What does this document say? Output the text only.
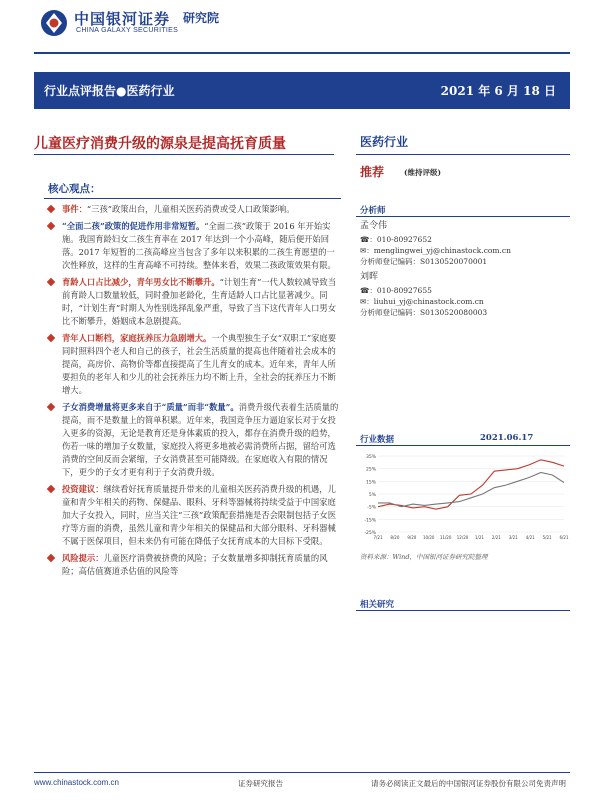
中国银河证券
CHINA GALAXY SECURITIES
研究院
行业点评报告●医药行业	2021 年 6 月 18 日
儿童医疗消费升级的源泉是提高抚育质量
核心观点：
事件：“三孩”政策出台，儿童相关医药消费或受人口政策影响。
“全面二孩”政策的促进作用非常短暂。“全面二孩”政策于 2016 年开始实施。我国育龄妇女二孩生育率在 2017 年达到一个小高峰，随后便开始回落。2017 年短暂的二孩高峰应当包含了多年以来积累的二孩生育愿望的一次性释放，这样的生育高峰不可持续。整体来看，效果二孩政策效果有限。
育龄人口占比减少，青年男女比不断攀升。“计划生育”一代人数较减导致当前育龄人口数量较低，同时叠加老龄化，生育适龄人口占比显著减少。同时，“计划生育”时期人为性别选择乱象严重，导致了当下这代青年人口男女比不断攀升，婚姻成本急剧提高。
青年人口断档，家庭抚养压力急剧增大。一个典型独生子女“双职工”家庭要同时照料四个老人和自己的孩子，社会生活质量的提高也伴随着社会成本的提高，高房价、高物价等都直接提高了生儿育女的成本。近年来，青年人所要担负的老年人和少儿的社会抚养压力均不断上升，全社会的抚养压力不断增大。
子女消费增量将更多来自于“质量”而非“数量”。消费升级代表着生活质量的提高，而不是数量上的简单积累。近年来，我国竞争压力逼迫家长对于女投入更多的资源，无论是教育还是身体素质的投入，都存在消费升级的趋势，伤若一味的增加子女数量，家庭投入将更多地被必需消费所占据，留给可选消费的空间反而会紧缩，子女消费甚至可能降级。在家庭收入有限的情况下，更少的子女才更有利于子女消费升级。
投资建议：继续看好抚育质量提升带来的儿童相关医药消费升级的机遇，儿童和青少年相关的药物、保健品、眼科、牙科等器械将持续受益于中国家庭加大子女投入，同时，应当关注“三孩”政策配套措施是否会限制包括子女医疗等方面的消费，虽然儿童和青少年相关的保健品和大部分眼科、牙科器械不属于医保项目，但未来仍有可能在降低子女抚育成本的大目标下受限。
风险提示：儿童医疗消费被挤费的风险；子女数量增多抑制抚育质量的风险；高估值赛道杀估值的风险等
医药行业
推荐	(维持评级)
分析师
孟令伟
☎：010-80927652
✉：menglingwei_yj@chinastock.com.cn
分析师登记编码：S0130520070001
刘晖
☎：010-80927655
✉：liuhui_yj@chinastock.com.cn
分析师登记编码：S0130520080003
行业数据	2021.06.17
35%
25%
15%
5%
-5%
-15%
-25%
7/21 8/20 9/20 10/20 11/20 12/20 1/21 2/21 3/21 4/21 5/21 6/21
资料来源：Wind，中国银河证券研究院整理
相关研究
www.chinastock.com.cn	证券研究报告	请务必阅读正文最后的中国银河证券股份有限公司免责声明
